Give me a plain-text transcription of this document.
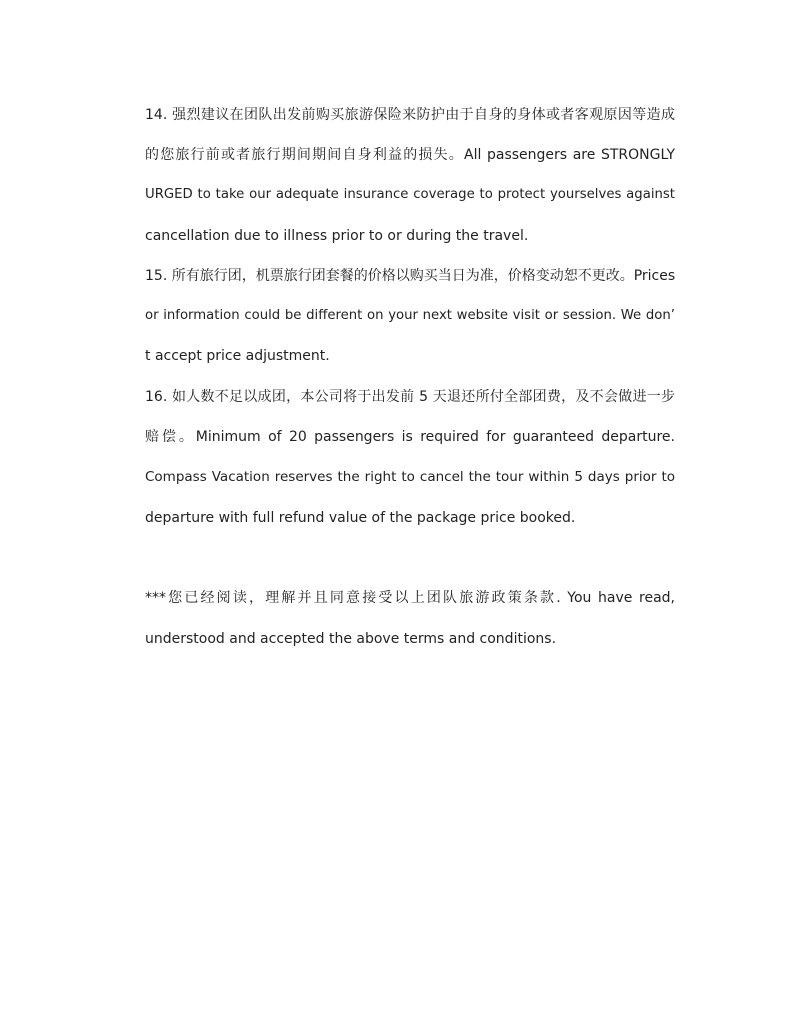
14. 强烈建议在团队出发前购买旅游保险来防护由于自身的身体或者客观原因等造成
的您旅行前或者旅行期间期间自身利益的损失。All passengers are STRONGLY
URGED to take our adequate insurance coverage to protect yourselves against
cancellation due to illness prior to or during the travel.
15. 所有旅行团，机票旅行团套餐的价格以购买当日为准，价格变动恕不更改。Prices
or information could be different on your next website visit or session. We don’
t accept price adjustment.
16. 如人数不足以成团，本公司将于出发前 5 天退还所付全部团费，及不会做进一步
赔偿。Minimum of 20 passengers is required for guaranteed departure.
Compass Vacation reserves the right to cancel the tour within 5 days prior to
departure with full refund value of the package price booked.
***您已经阅读，理解并且同意接受以上团队旅游政策条款. You have read,
understood and accepted the above terms and conditions.
